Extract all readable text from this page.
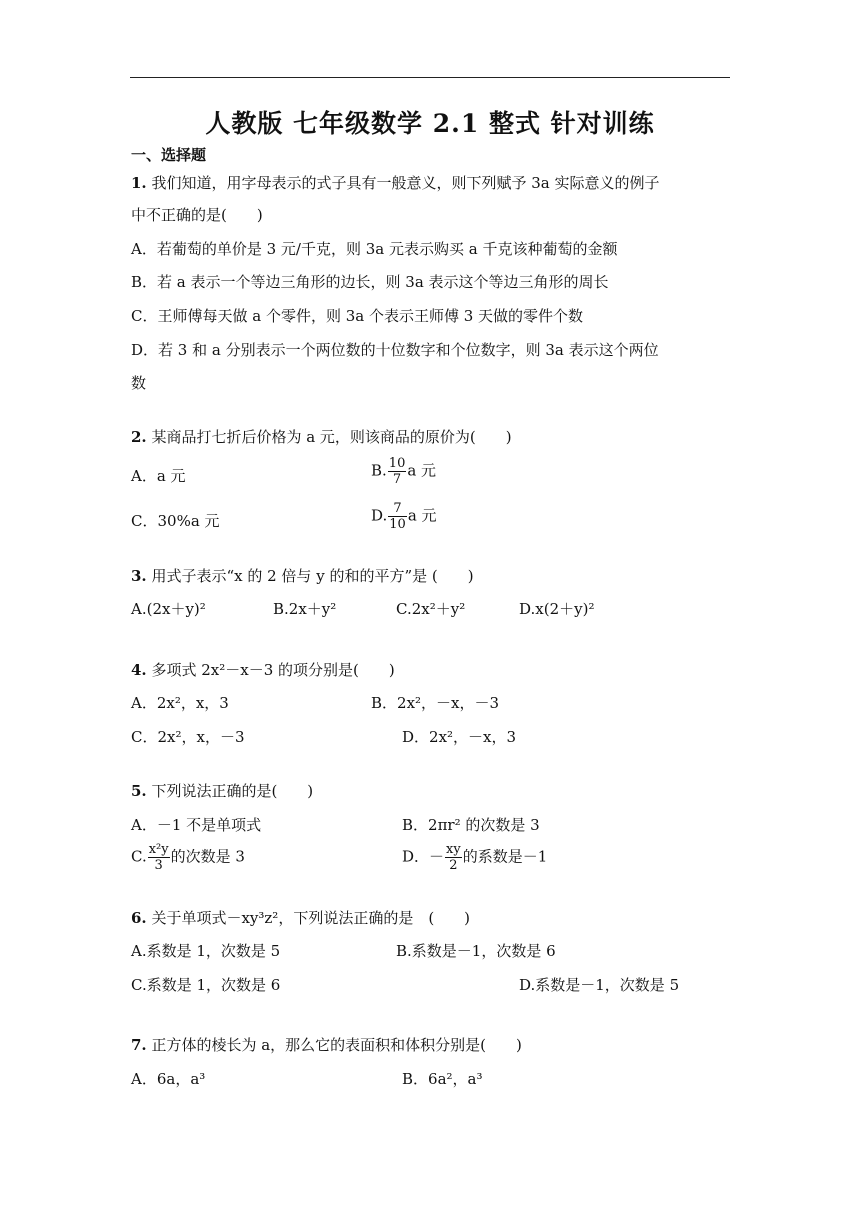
人教版 七年级数学 2.1 整式 针对训练
一、选择题
1. 我们知道，用字母表示的式子具有一般意义，则下列赋予 3a 实际意义的例子
中不正确的是(　　)
A．若葡萄的单价是 3 元/千克，则 3a 元表示购买 a 千克该种葡萄的金额
B．若 a 表示一个等边三角形的边长，则 3a 表示这个等边三角形的周长
C．王师傅每天做 a 个零件，则 3a 个表示王师傅 3 天做的零件个数
D．若 3 和 a 分别表示一个两位数的十位数字和个位数字，则 3a 表示这个两位
数
2. 某商品打七折后价格为 a 元，则该商品的原价为(　　)
A．a 元	B. $\frac{10}{7}$ a 元
C．30%a 元	D. $\frac{7}{10}$ a 元
3. 用式子表示“x 的 2 倍与 y 的和的平方”是 (　　)
A.(2x＋y)²	B.2x＋y²	C.2x²＋y²	D.x(2＋y)²
4. 多项式 2x²－x－3 的项分别是(　　)
A．2x²，x，3	B．2x²，－x，－3
C．2x²，x，－3	D．2x²，－x，3
5. 下列说法正确的是(　　)
A．－1 不是单项式	B．2πr² 的次数是 3
C. $\frac{\text{x²y}}{3}$ 的次数是 3	D．－ $\frac{xy}{2}$ 的系数是－1
6. 关于单项式－xy³z²，下列说法正确的是　(　　)
A.系数是 1，次数是 5	B.系数是－1，次数是 6
C.系数是 1，次数是 6	D.系数是－1，次数是 5
7. 正方体的棱长为 a，那么它的表面积和体积分别是(　　)
A．6a，a³	B．6a²，a³
